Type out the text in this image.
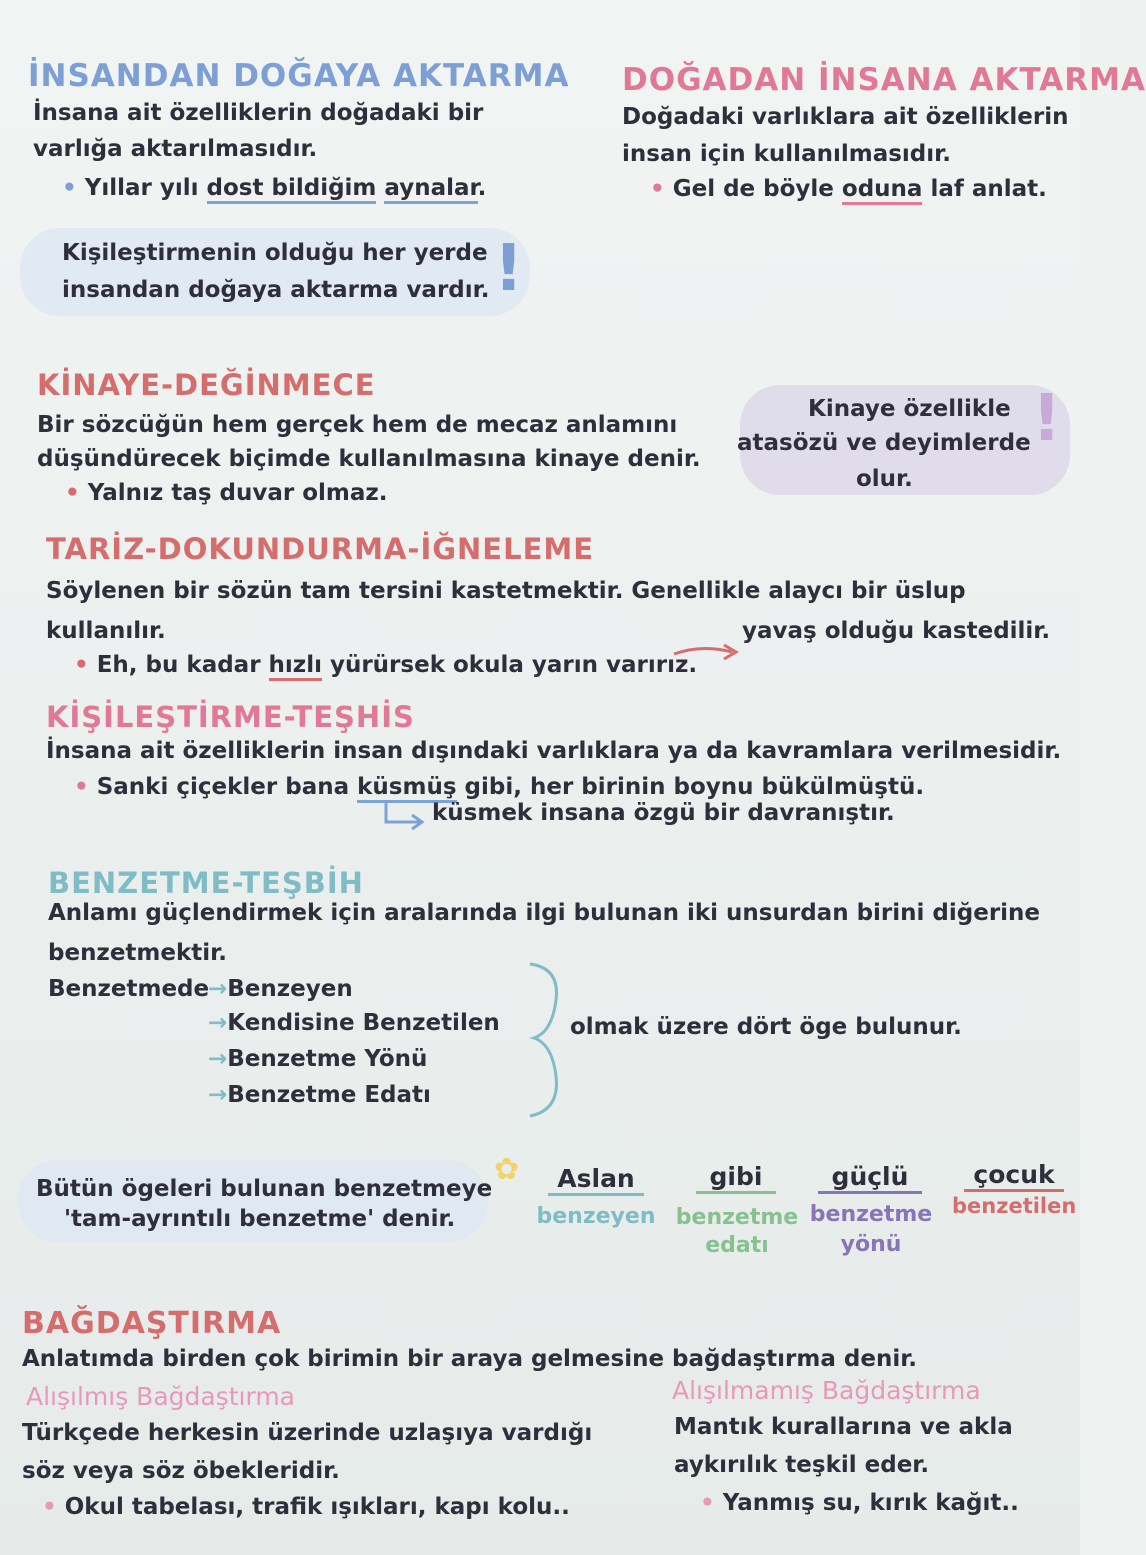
İNSANDAN DOĞAYA AKTARMA
İnsana ait özelliklerin doğadaki bir
varlığa aktarılmasıdır.
• Yıllar yılı dost bildiğim aynalar.
Kişileştirmenin olduğu her yerde
insandan doğaya aktarma vardır. !
DOĞADAN İNSANA AKTARMA
Doğadaki varlıklara ait özelliklerin
insan için kullanılmasıdır.
• Gel de böyle oduna laf anlat.
KİNAYE-DEĞİNMECE
Bir sözcüğün hem gerçek hem de mecaz anlamını
düşündürecek biçimde kullanılmasına kinaye denir.
• Yalnız taş duvar olmaz.
Kinaye özellikle
atasözü ve deyimlerde
olur.
!
TARİZ-DOKUNDURMA-İĞNELEME
Söylenen bir sözün tam tersini kastetmektir. Genellikle alaycı bir üslup
kullanılır.
• Eh, bu kadar hızlı yürürsek okula yarın varırız.
yavaş olduğu kastedilir.
KİŞİLEŞTİRME-TEŞHİS
İnsana ait özelliklerin insan dışındaki varlıklara ya da kavramlara verilmesidir.
• Sanki çiçekler bana küsmüş gibi, her birinin boynu bükülmüştü.
küsmek insana özgü bir davranıştır.
BENZETME-TEŞBİH
Anlamı güçlendirmek için aralarında ilgi bulunan iki unsurdan birini diğerine
benzetmektir.
Benzetmede
→Benzeyen
→Kendisine Benzetilen
→Benzetme Yönü
→Benzetme Edatı
olmak üzere dört öge bulunur.
Bütün ögeleri bulunan benzetmeye
'tam-ayrıntılı benzetme' denir.
✿	Aslan
benzeyen
gibi
benzetme edatı
güçlü
benzetme yönü
çocuk
benzetilen
BAĞDAŞTIRMA
Anlatımda birden çok birimin bir araya gelmesine bağdaştırma denir.
Alışılmış Bağdaştırma
Türkçede herkesin üzerinde uzlaşıya vardığı
söz veya söz öbekleridir.
• Okul tabelası, trafik ışıkları, kapı kolu..
Alışılmamış Bağdaştırma
Mantık kurallarına ve akla
aykırılık teşkil eder.
• Yanmış su, kırık kağıt..
